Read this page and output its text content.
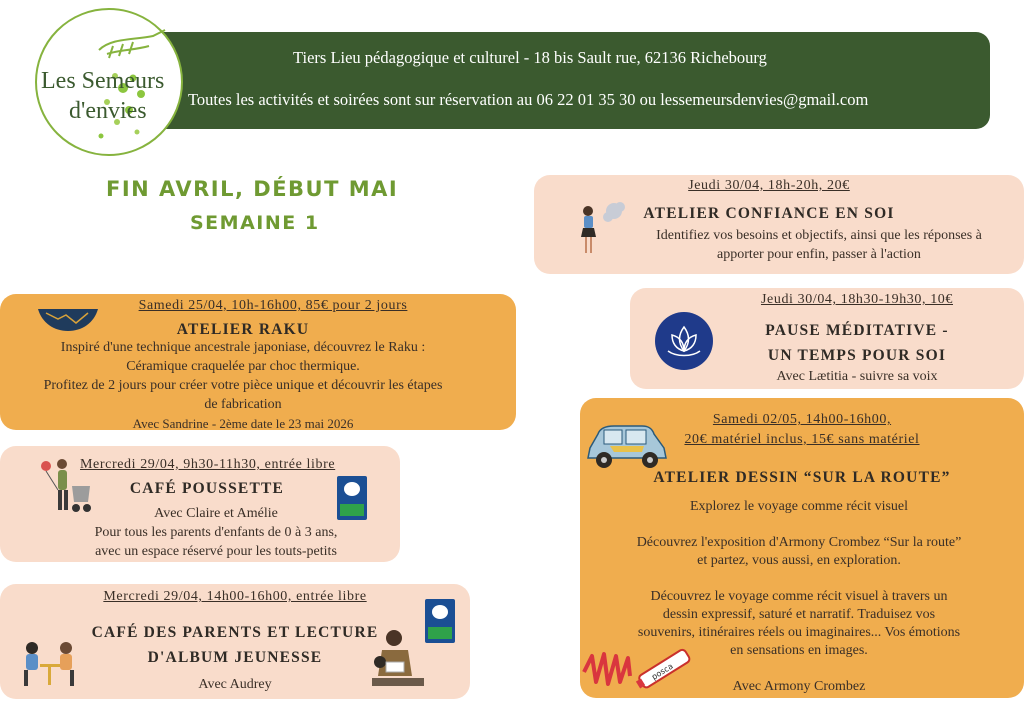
Tiers Lieu pédagogique et culturel - 18 bis Sault rue, 62136 Richebourg
Toutes les activités et soirées sont sur réservation au 06 22 01 35 30 ou lessemeursdenvies@gmail.com
Les Semeurs
d'envies
FIN AVRIL, DÉBUT MAI
SEMAINE 1
Samedi 25/04, 10h-16h00, 85€ pour 2 jours
ATELIER RAKU
Inspiré d'une technique ancestrale japoniase, découvrez le Raku :
Céramique craquelée par choc thermique.
Profitez de 2 jours pour créer votre pièce unique et découvrir les étapes
de fabrication
Avec Sandrine - 2ème date le 23 mai 2026
Mercredi 29/04, 9h30-11h30, entrée libre
CAFÉ POUSSETTE
Avec Claire et Amélie
Pour tous les parents d'enfants de 0 à 3 ans,
avec un espace réservé pour les touts-petits
Mercredi 29/04, 14h00-16h00, entrée libre
CAFÉ DES PARENTS ET LECTURE
D'ALBUM JEUNESSE
Avec Audrey
Jeudi 30/04, 18h-20h, 20€
ATELIER CONFIANCE EN SOI
Identifiez vos besoins et objectifs, ainsi que les réponses à
apporter pour enfin, passer à l'action
Jeudi 30/04, 18h30-19h30, 10€
PAUSE MÉDITATIVE -
UN TEMPS POUR SOI
Avec Lætitia - suivre sa voix
Samedi 02/05, 14h00-16h00,
20€ matériel inclus, 15€ sans matériel
ATELIER DESSIN “SUR LA ROUTE”
Explorez le voyage comme récit visuel
Découvrez l'exposition d'Armony Crombez “Sur la route”
et partez, vous aussi, en exploration.
Découvrez le voyage comme récit visuel à travers un
dessin expressif, saturé et narratif. Traduisez vos
souvenirs, itinéraires réels ou imaginaires... Vos émotions
en sensations en images.
Avec Armony Crombez
posca
